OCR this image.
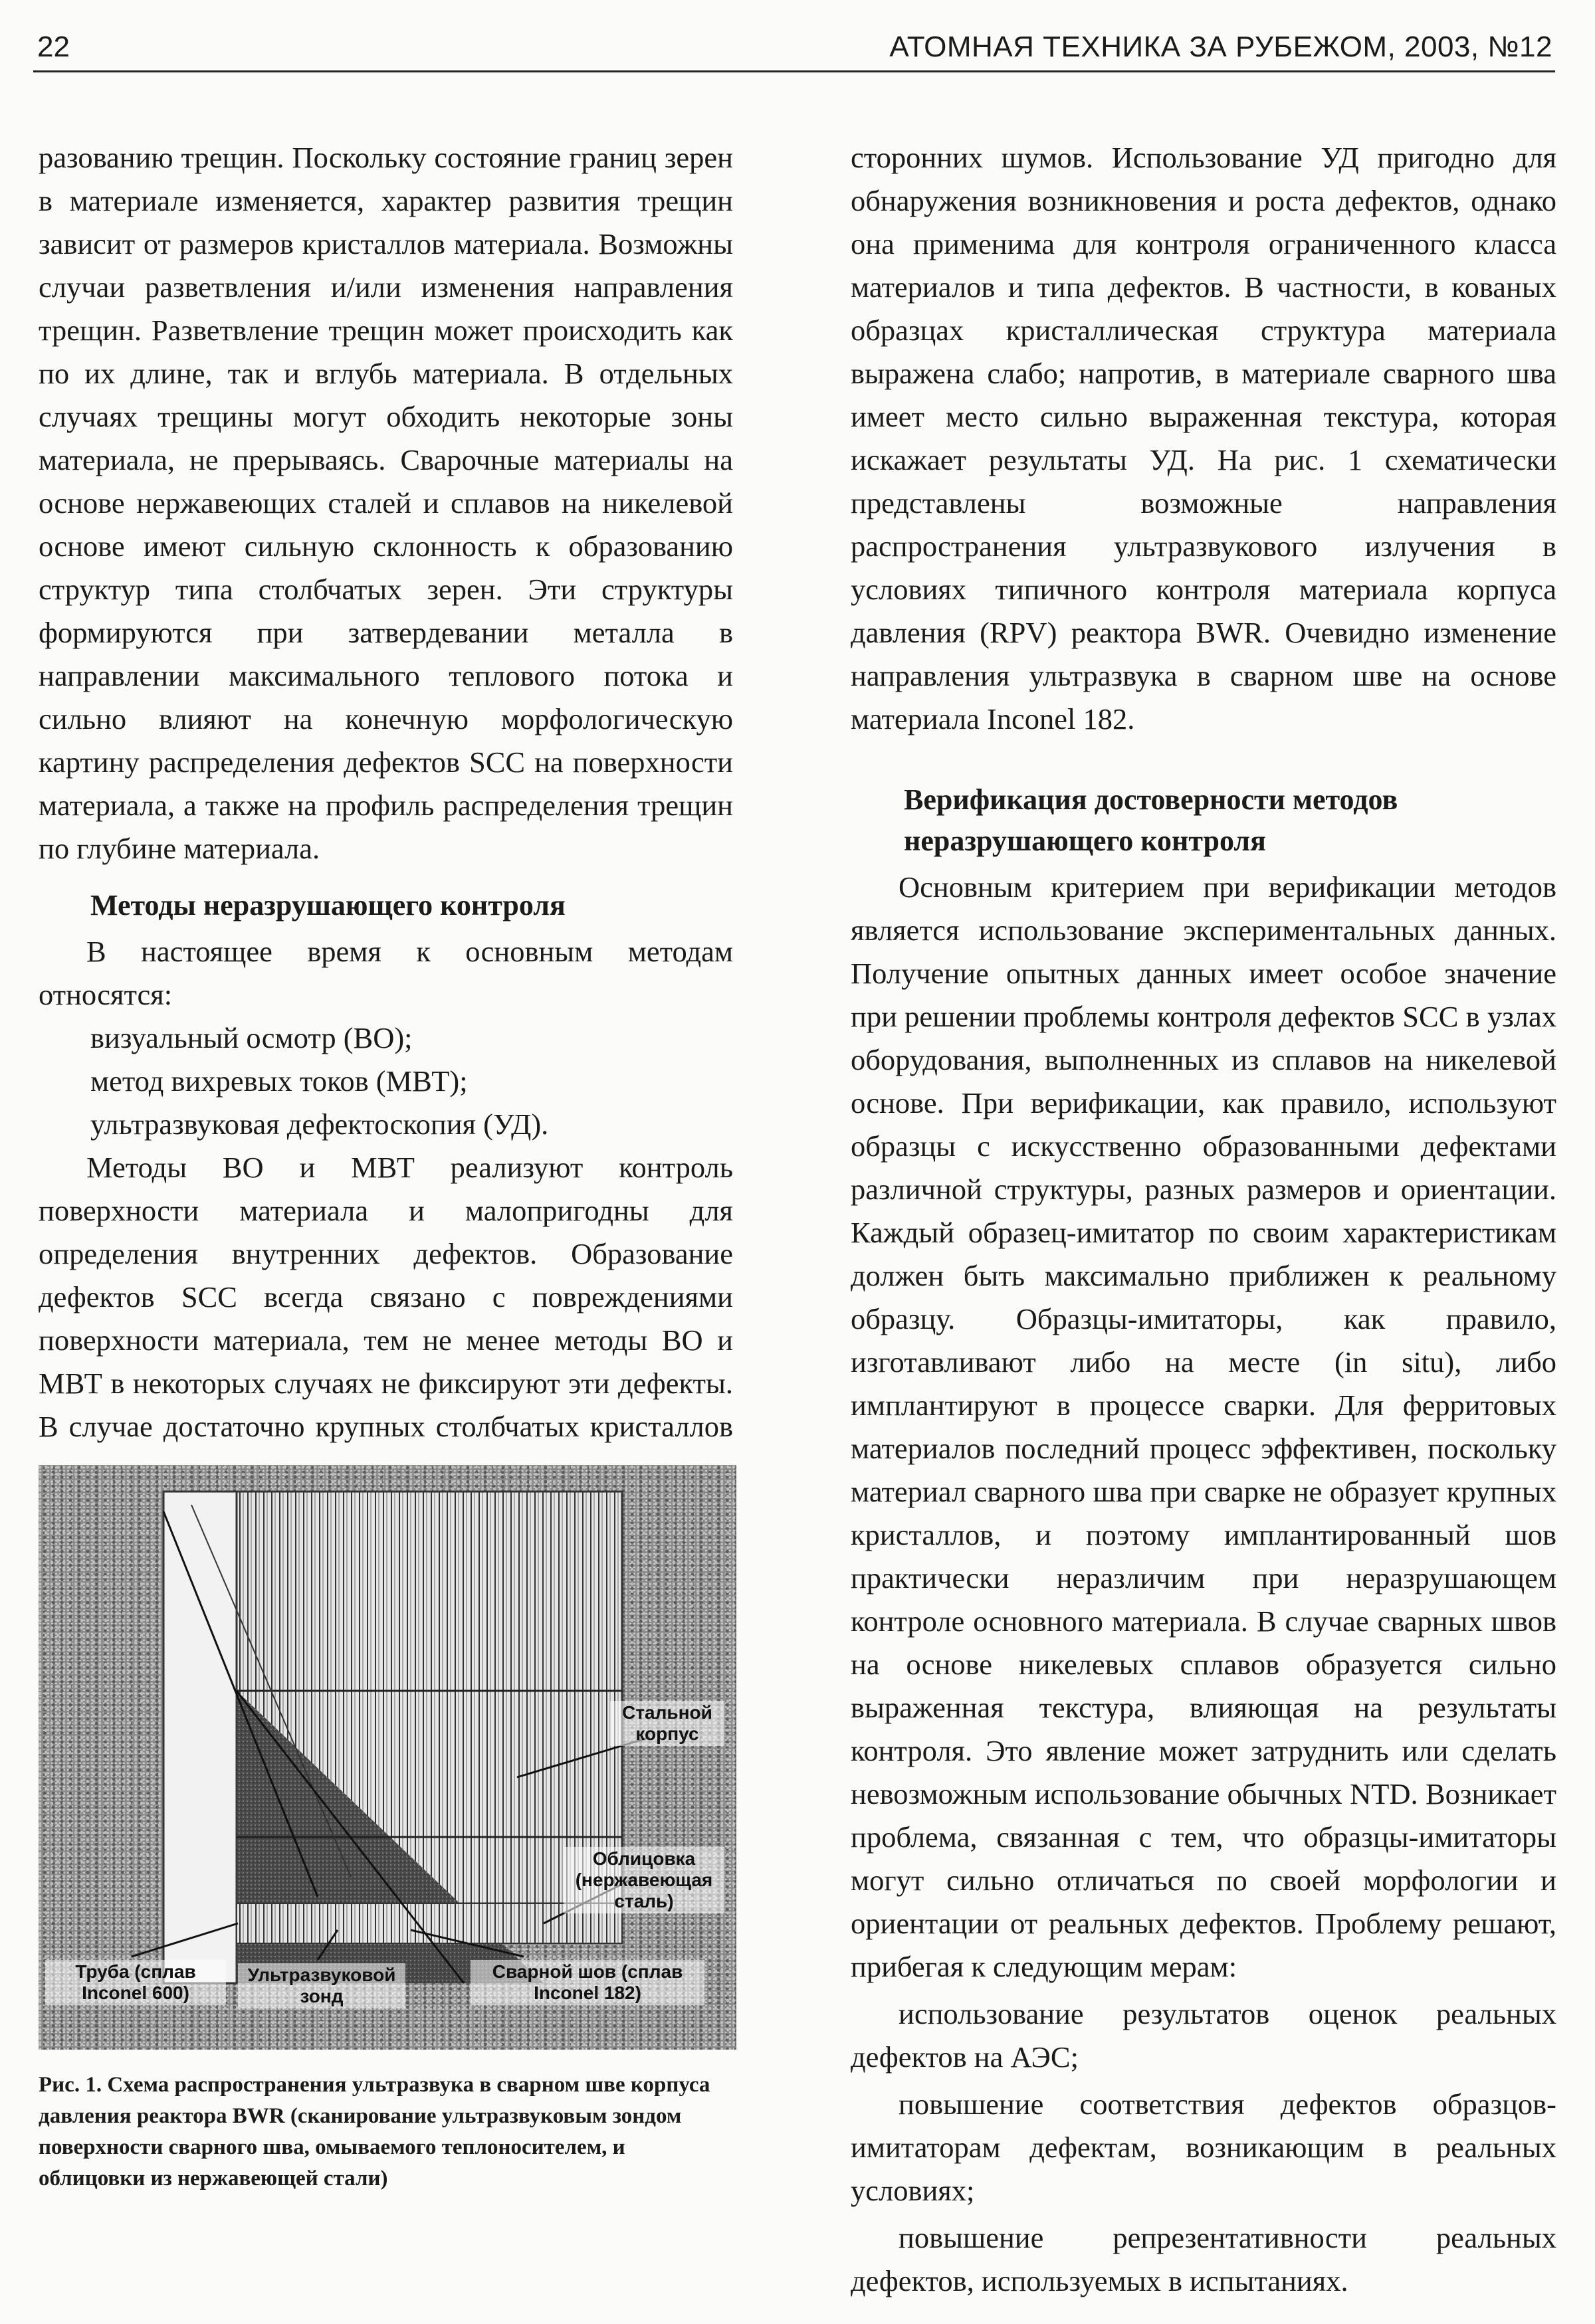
22	АТОМНАЯ ТЕХНИКА ЗА РУБЕЖОМ, 2003, №12

разованию трещин. Поскольку состояние границ зерен в материале изменяется, характер развития трещин зависит от размеров кристаллов материала. Возможны случаи разветвления и/или изменения направления трещин. Разветвление трещин может происходить как по их длине, так и вглубь материала. В отдельных случаях трещины могут обходить некоторые зоны материала, не прерываясь. Сварочные материалы на основе нержавеющих сталей и сплавов на никелевой основе имеют сильную склонность к образованию структур типа столбчатых зерен. Эти структуры формируются при затвердевании металла в направлении максимального теплового потока и сильно влияют на конечную морфологическую картину распределения дефектов SCC на поверхности материала, а также на профиль распределения трещин по глубине материала.

Методы неразрушающего контроля

В настоящее время к основным методам относятся:

визуальный осмотр (ВО);
метод вихревых токов (МВТ);
ультразвуковая дефектоскопия (УД).

Методы ВО и МВТ реализуют контроль поверхности материала и малопригодны для определения внутренних дефектов. Образование дефектов SCC всегда связано с повреждениями поверхности материала, тем не менее методы ВО и МВТ в некоторых случаях не фиксируют эти дефекты. В случае достаточно крупных столбчатых кристаллов

Стальной корпус
Облицовка (нержавеющая сталь)
Труба (сплав Inconel 600)
Ультразвуковой зонд
Сварной шов (сплав Inconel 182)
Рис. 1. Схема распространения ультразвука в сварном шве корпуса давления реактора BWR (сканирование ультразвуковым зондом поверхности сварного шва, омываемого теплоносителем, и облицовки из нержавеющей стали)

сторонних шумов. Использование УД пригодно для обнаружения возникновения и роста дефектов, однако она применима для контроля ограниченного класса материалов и типа дефектов. В частности, в кованых образцах кристаллическая структура материала выражена слабо; напротив, в материале сварного шва имеет место сильно выраженная текстура, которая искажает результаты УД. На рис. 1 схематически представлены возможные направления распространения ультразвукового излучения в условиях типичного контроля материала корпуса давления (RPV) реактора BWR. Очевидно изменение направления ультразвука в сварном шве на основе материала Inconel 182.

Верификация достоверности методов неразрушающего контроля

Основным критерием при верификации методов является использование экспериментальных данных. Получение опытных данных имеет особое значение при решении проблемы контроля дефектов SCC в узлах оборудования, выполненных из сплавов на никелевой основе. При верификации, как правило, используют образцы с искусственно образованными дефектами различной структуры, разных размеров и ориентации. Каждый образец-имитатор по своим характеристикам должен быть максимально приближен к реальному образцу. Образцы-имитаторы, как правило, изготавливают либо на месте (in situ), либо имплантируют в процессе сварки. Для ферритовых материалов последний процесс эффективен, поскольку материал сварного шва при сварке не образует крупных кристаллов, и поэтому имплантированный шов практически неразличим при неразрушающем контроле основного материала. В случае сварных швов на основе никелевых сплавов образуется сильно выраженная текстура, влияющая на результаты контроля. Это явление может затруднить или сделать невозможным использование обычных NTD. Возникает проблема, связанная с тем, что образцы-имитаторы могут сильно отличаться по своей морфологии и ориентации от реальных дефектов. Проблему решают, прибегая к следующим мерам:

использование результатов оценок реальных дефектов на АЭС;

повышение соответствия дефектов образцов-имитаторам дефектам, возникающим в реальных условиях;

повышение репрезентативности реальных дефектов, используемых в испытаниях.
